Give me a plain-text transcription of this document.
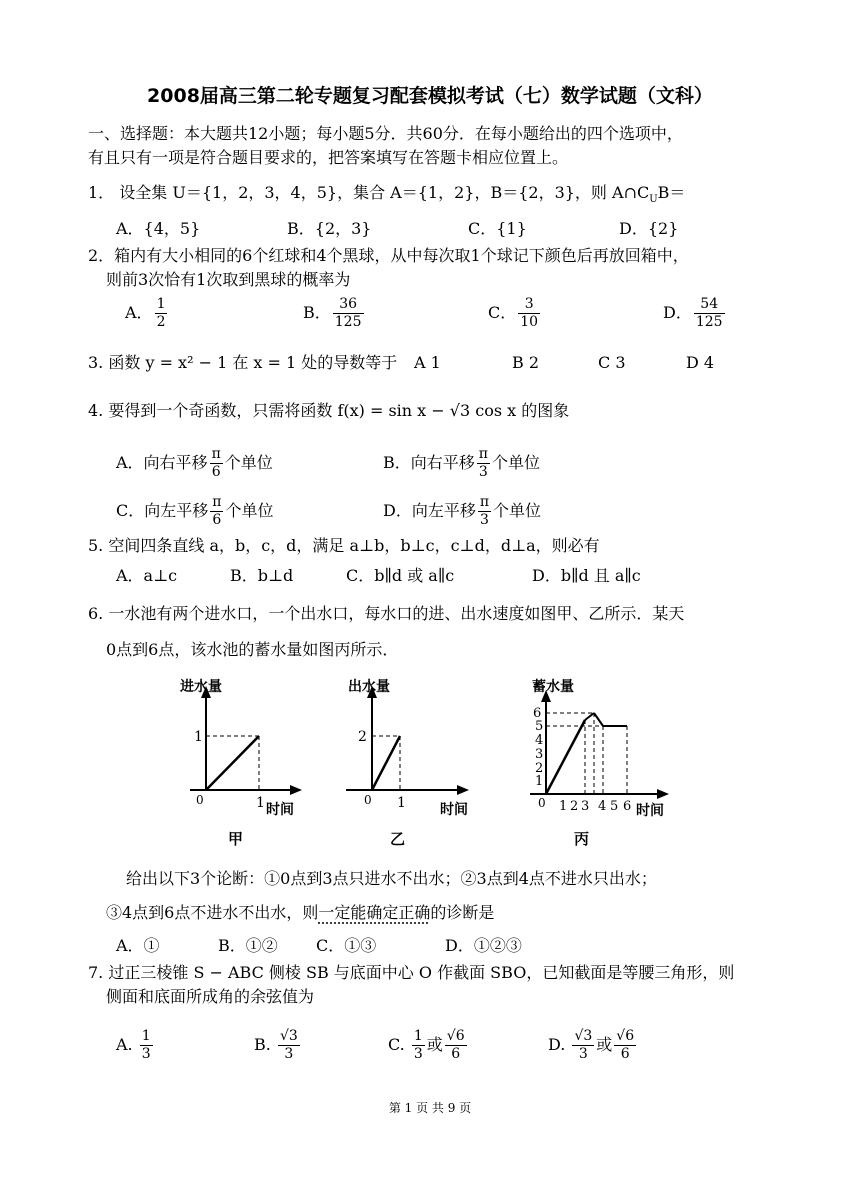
2008届高三第二轮专题复习配套模拟考试（七）数学试题（文科）
一、选择题：本大题共12小题；每小题5分．共60分．在每小题给出的四个选项中，
有且只有一项是符合题目要求的，把答案填写在答题卡相应位置上。
1． 设全集 U＝{1，2，3，4，5}，集合 A＝{1，2}，B＝{2，3}，则 $A\cap C_UB=$
A．{4，5}	B．{2，3}	C．{1}	D．{2}
2．箱内有大小相同的6个红球和4个黑球，从中每次取1个球记下颜色后再放回箱中，
则前3次恰有1次取到黑球的概率为
A． $\frac{1}{2}$	B． $\frac{36}{125}$	C． $\frac{3}{10}$	D． $\frac{54}{125}$
3. 函数 y = x² − 1 在 x = 1 处的导数等于 A 1	B 2	C 3	D 4
4. 要得到一个奇函数，只需将函数 f(x) = sin x − √3 cos x 的图象
A．向右平移 $\frac{\pi}{6}$ 个单位	B．向右平移 $\frac{\pi}{3}$ 个单位
C．向左平移 $\frac{\pi}{6}$ 个单位	D．向左平移 $\frac{\pi}{3}$ 个单位
5. 空间四条直线 a，b，c，d，满足 a⊥b，b⊥c，c⊥d，d⊥a，则必有
A．a⊥c	B．b⊥d	C．b∥d 或 a∥c	D．b∥d 且 a∥c
6. 一水池有两个进水口，一个出水口，每水口的进、出水速度如图甲、乙所示．某天
0点到6点，该水池的蓄水量如图丙所示．
进水量
1
0	1 时间
甲
出水量
2
0 1 时间
乙
蓄水量
6
5
4
3
2
1
0 1 2 3 4 5 6 时间
丙
给出以下3个论断：①0点到3点只进水不出水；②3点到4点不进水只出水；
③4点到6点不进水不出水，则一定能确定正确的诊断是
A．①	B．①② C．①③	D．①②③
7. 过正三棱锥 S − ABC 侧棱 SB 与底面中心 O 作截面 SBO，已知截面是等腰三角形，则
侧面和底面所成角的余弦值为
A. $\frac{1}{3}$	B. $\frac{√3}{3}$	C. $\frac{1}{3}$ 或 $\frac{√6}{6}$	D. $\frac{√3}{3}$ 或 $\frac{√6}{6}$
第 1 页 共 9 页
